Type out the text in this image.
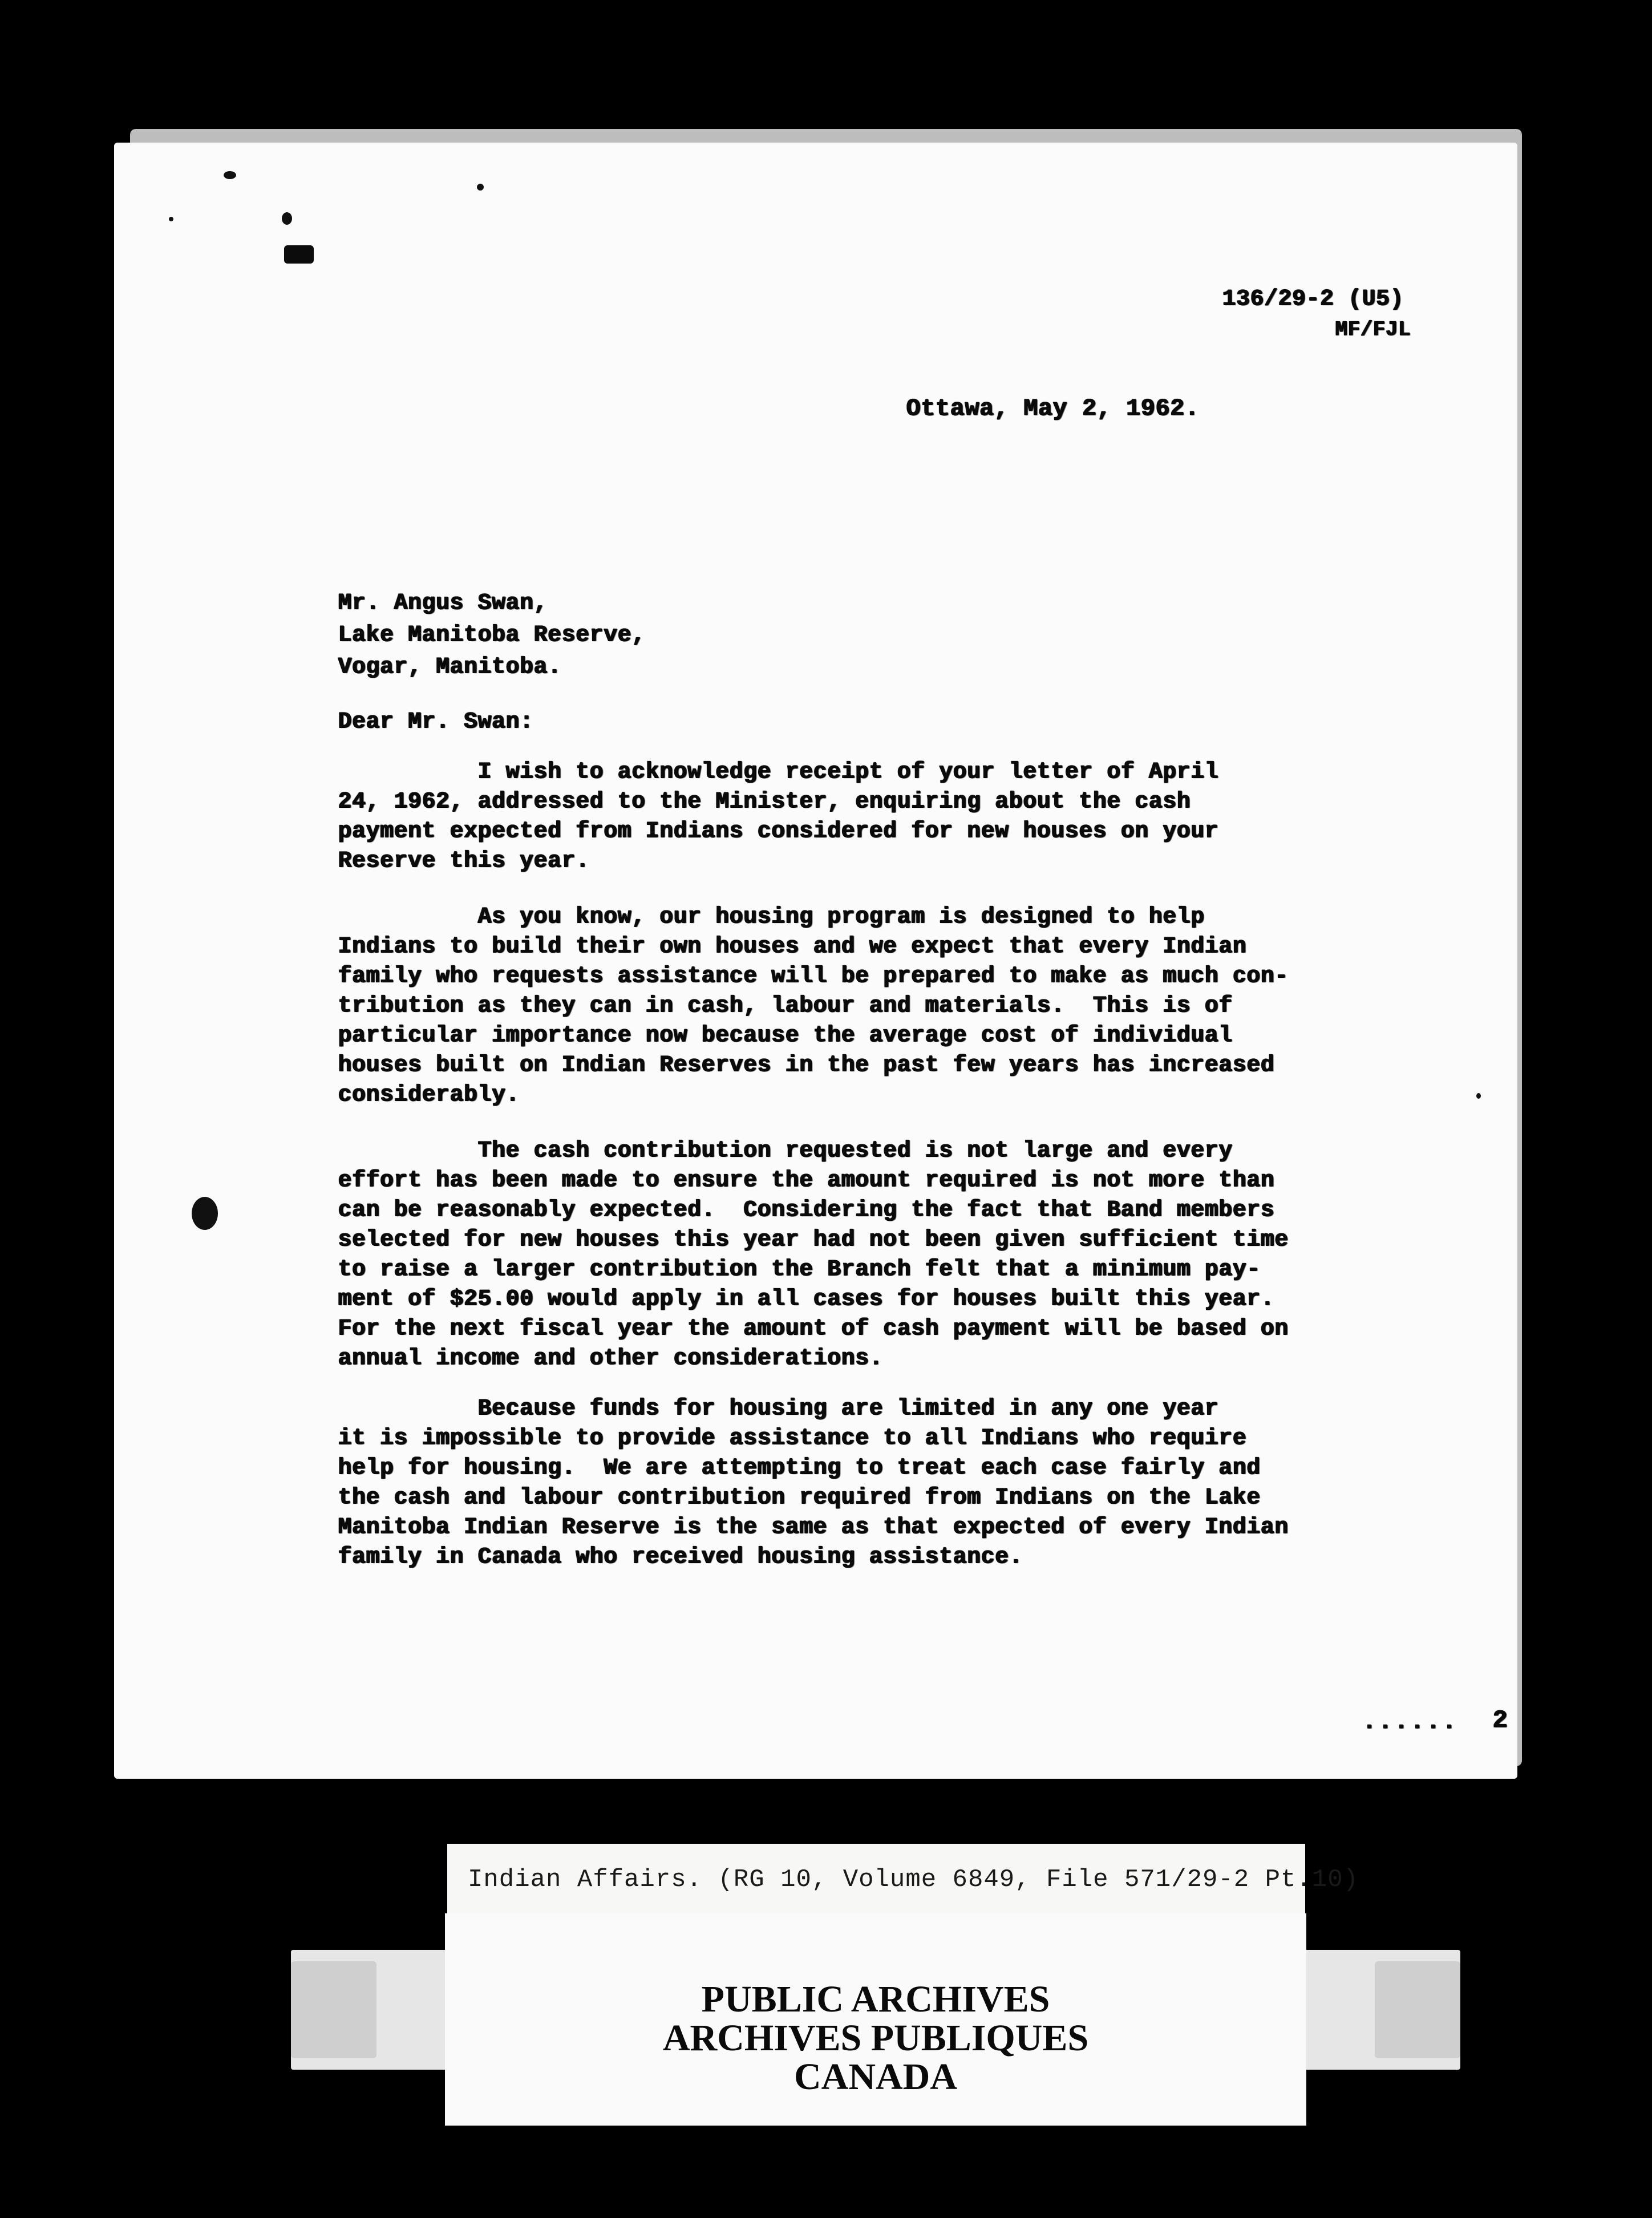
136/29-2 (U5)
MF/FJL
Ottawa, May 2, 1962.
Mr. Angus Swan,
Lake Manitoba Reserve,
Vogar, Manitoba.
Dear Mr. Swan:
I wish to acknowledge receipt of your letter of April
24, 1962, addressed to the Minister, enquiring about the cash
payment expected from Indians considered for new houses on your
Reserve this year.
As you know, our housing program is designed to help
Indians to build their own houses and we expect that every Indian
family who requests assistance will be prepared to make as much con-
tribution as they can in cash, labour and materials.  This is of
particular importance now because the average cost of individual
houses built on Indian Reserves in the past few years has increased
considerably.
The cash contribution requested is not large and every
effort has been made to ensure the amount required is not more than
can be reasonably expected.  Considering the fact that Band members
selected for new houses this year had not been given sufficient time
to raise a larger contribution the Branch felt that a minimum pay-
ment of $25.00 would apply in all cases for houses built this year.
For the next fiscal year the amount of cash payment will be based on
annual income and other considerations.
Because funds for housing are limited in any one year
it is impossible to provide assistance to all Indians who require
help for housing.  We are attempting to treat each case fairly and
the cash and labour contribution required from Indians on the Lake
Manitoba Indian Reserve is the same as that expected of every Indian
family in Canada who received housing assistance.
...... 2
Indian Affairs. (RG 10, Volume 6849, File 571/29-2 Pt.10)
PUBLIC ARCHIVES
ARCHIVES PUBLIQUES
CANADA
